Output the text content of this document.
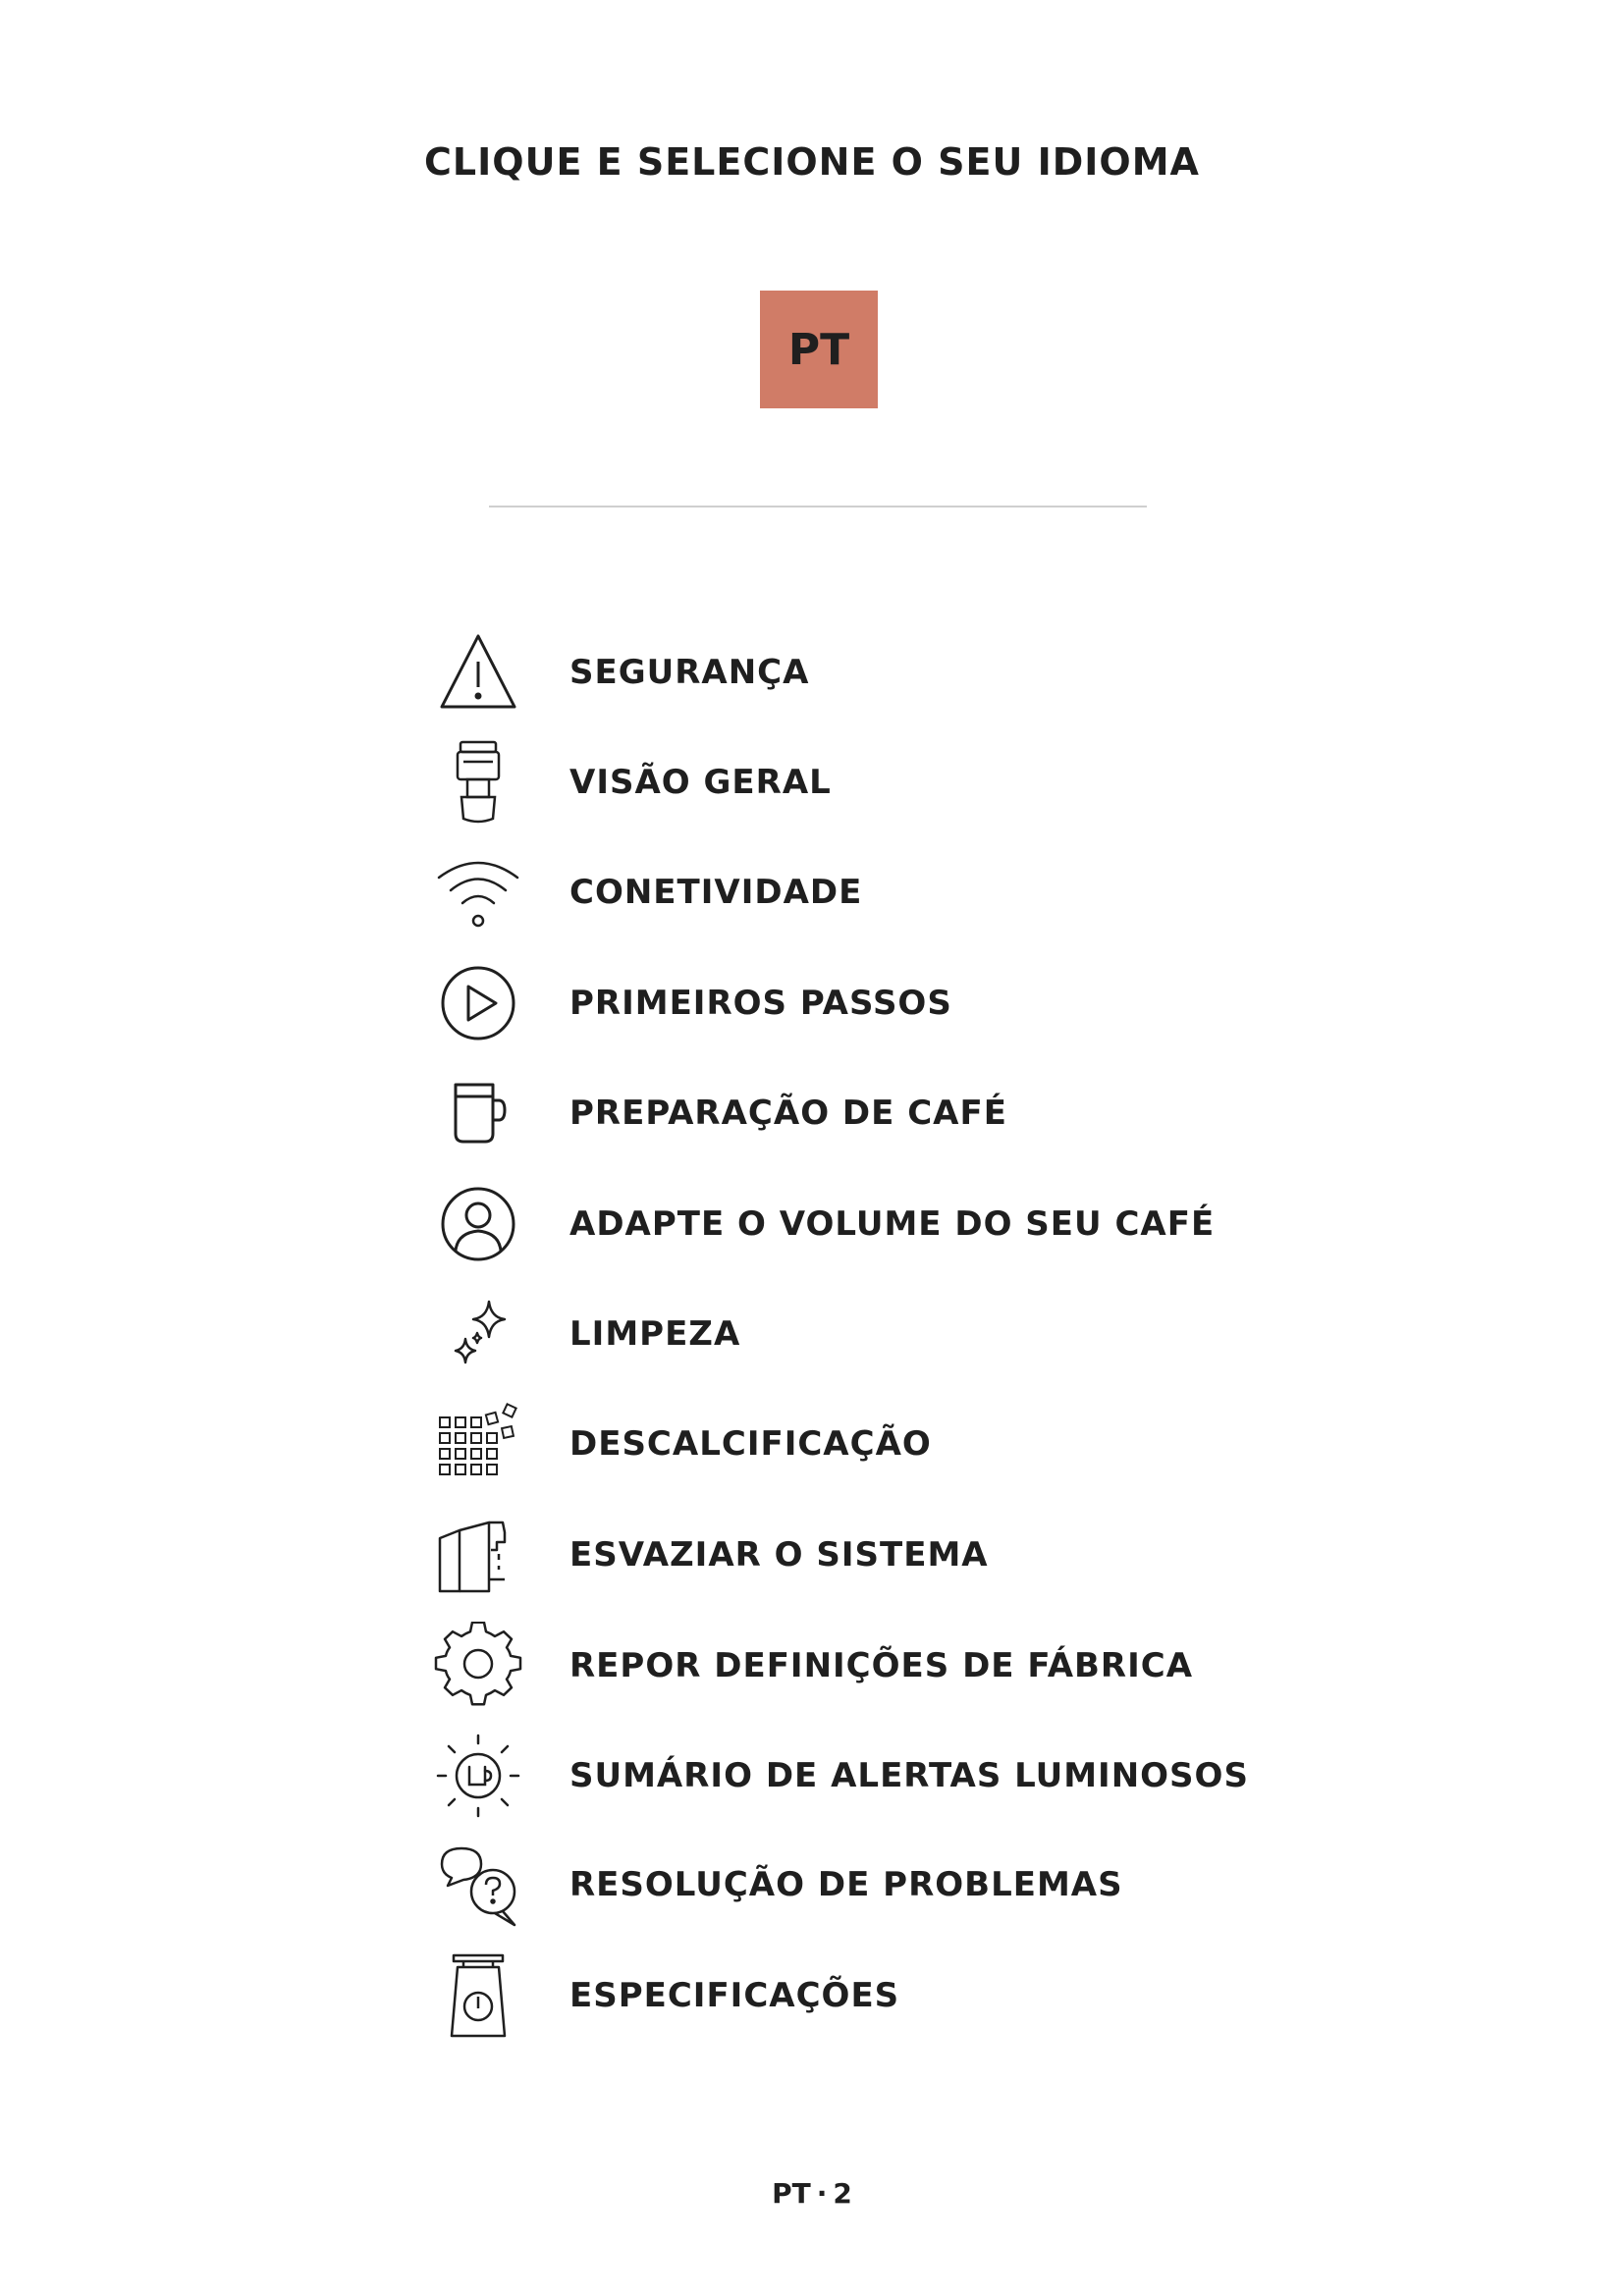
CLIQUE E SELECIONE O SEU IDIOMA
PT
SEGURANÇA
VISÃO GERAL
CONETIVIDADE
PRIMEIROS PASSOS
PREPARAÇÃO DE CAFÉ
ADAPTE O VOLUME DO SEU CAFÉ
LIMPEZA
DESCALCIFICAÇÃO
ESVAZIAR O SISTEMA
REPOR DEFINIÇÕES DE FÁBRICA
SUMÁRIO DE ALERTAS LUMINOSOS
RESOLUÇÃO DE PROBLEMAS
ESPECIFICAÇÕES
PT · 2
